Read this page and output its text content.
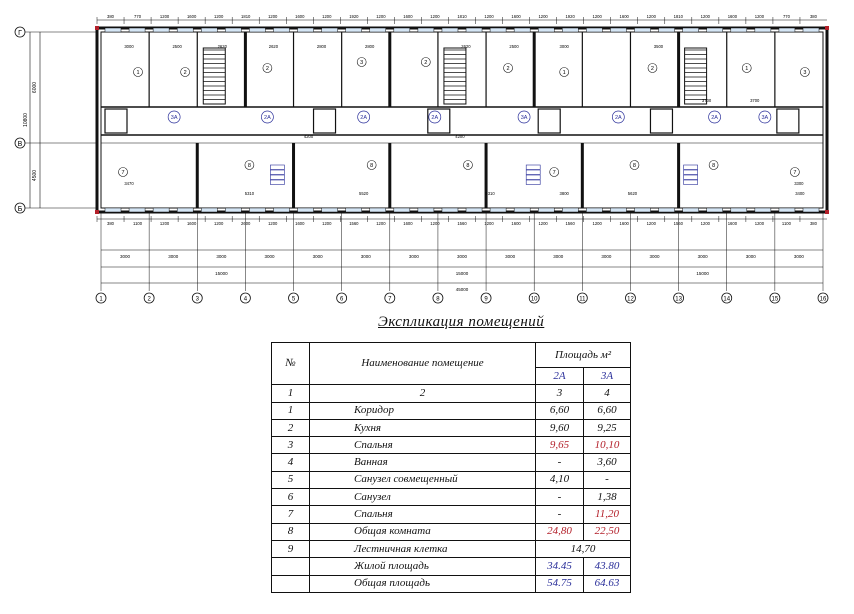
Г
В
Б
6000
4500
10800
380	770	1200	1600	1200	1810	1200	1600	1200	1920	1200	1600	1200	1810	1200	1600	1200	1920	1200	1600	1200	1810	1200	1600	1200	770	380
380	1100	1200	1600	1200	2600	1200	1600	1200	1560	1200	1600	1200	1560	1200	1600	1200	1560	1200	1600	1200	1560	1200	1600	1200	1100	380
3000	3000	3000	3000	3000	3000	3000	3000	3000	3000	3000	3000	3000	3000	3000
15000	15000	15000
45000
1	2	3	4	5	6	7	8	9	10	11	12	13	14	15	16
3А	2А	2А	2А	3А	2А	2А	3А
1	2
2
3	2
2
1
2	1
3
7
8	8	8
7
8	8
7
3000	2500	2620	2620	2800	2800	2620	2500	3000	3500
3700	3700
4200
5520
5310	3800	3400
5310	5620
4200
3470	3300
Экспликация помещений
№	Наименование помещение	Площадь м²	
		2А	3А
1	2	3	4
1	Коридор	6,60	6,60
2	Кухня	9,60	9,25
3	Спальня	9,65	10,10
4	Ванная	-	3,60
5	Санузел совмещенный	4,10	-
6	Санузел	-	1,38
7	Спальня	-	11,20
8	Общая комната	24,80	22,50
9	Лестничная клетка	14,70	
	Жилой площадь	34.45	43.80
	Общая площадь	54.75	64.63
